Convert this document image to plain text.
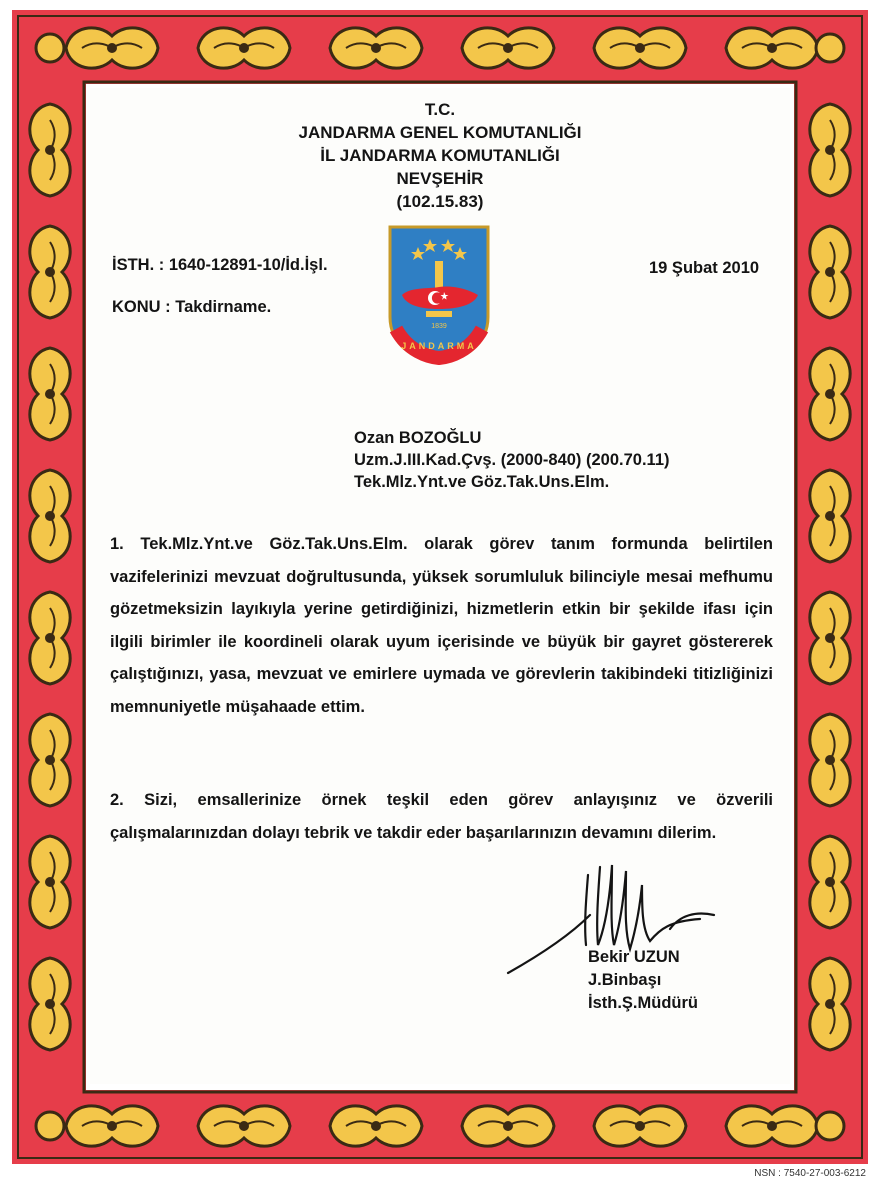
T.C.
JANDARMA GENEL KOMUTANLIĞI
İL JANDARMA KOMUTANLIĞI
NEVŞEHİR
(102.15.83)
İSTH. : 1640-12891-10/İd.İşl.
KONU : Takdirname.
19 Şubat 2010
1839
JANDARMA
Ozan BOZOĞLU
Uzm.J.III.Kad.Çvş. (2000-840) (200.70.11)
Tek.Mlz.Ynt.ve Göz.Tak.Uns.Elm.

1. Tek.Mlz.Ynt.ve Göz.Tak.Uns.Elm. olarak görev tanım formunda belirtilen vazifelerinizi mevzuat doğrultusunda, yüksek sorumluluk bilinciyle mesai mefhumu gözetmeksizin layıkıyla yerine getirdiğinizi, hizmetlerin etkin bir şekilde ifası için ilgili birimler ile koordineli olarak uyum içerisinde ve büyük bir gayret göstererek çalıştığınızı, yasa, mevzuat ve emirlere uymada ve görevlerin takibindeki titizliğinizi memnuniyetle müşahaade ettim.

2. Sizi, emsallerinize örnek teşkil eden görev anlayışınız ve özverili çalışmalarınızdan dolayı tebrik ve takdir eder başarılarınızın devamını dilerim.

Bekir UZUN
J.Binbaşı
İsth.Ş.Müdürü
NSN : 7540-27-003-6212
